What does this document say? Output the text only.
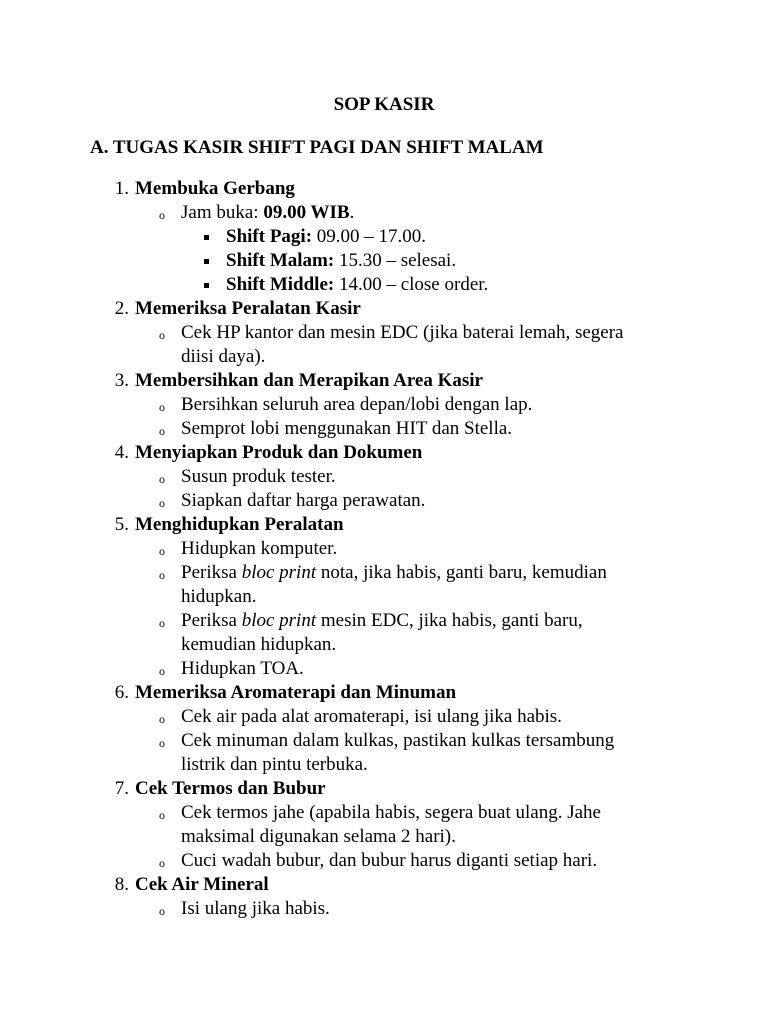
SOP KASIR
A. TUGAS KASIR SHIFT PAGI DAN SHIFT MALAM
1. Membuka Gerbang
o Jam buka: 09.00 WIB.
Shift Pagi: 09.00 – 17.00.
Shift Malam: 15.30 – selesai.
Shift Middle: 14.00 – close order.
2. Memeriksa Peralatan Kasir
o Cek HP kantor dan mesin EDC (jika baterai lemah, segera diisi daya).
3. Membersihkan dan Merapikan Area Kasir
o Bersihkan seluruh area depan/lobi dengan lap.
o Semprot lobi menggunakan HIT dan Stella.
4. Menyiapkan Produk dan Dokumen
o Susun produk tester.
o Siapkan daftar harga perawatan.
5. Menghidupkan Peralatan
o Hidupkan komputer.
o Periksa bloc print nota, jika habis, ganti baru, kemudian hidupkan.
o Periksa bloc print mesin EDC, jika habis, ganti baru, kemudian hidupkan.
o Hidupkan TOA.
6. Memeriksa Aromaterapi dan Minuman
o Cek air pada alat aromaterapi, isi ulang jika habis.
o Cek minuman dalam kulkas, pastikan kulkas tersambung listrik dan pintu terbuka.
7. Cek Termos dan Bubur
o Cek termos jahe (apabila habis, segera buat ulang. Jahe maksimal digunakan selama 2 hari).
o Cuci wadah bubur, dan bubur harus diganti setiap hari.
8. Cek Air Mineral
o Isi ulang jika habis.
